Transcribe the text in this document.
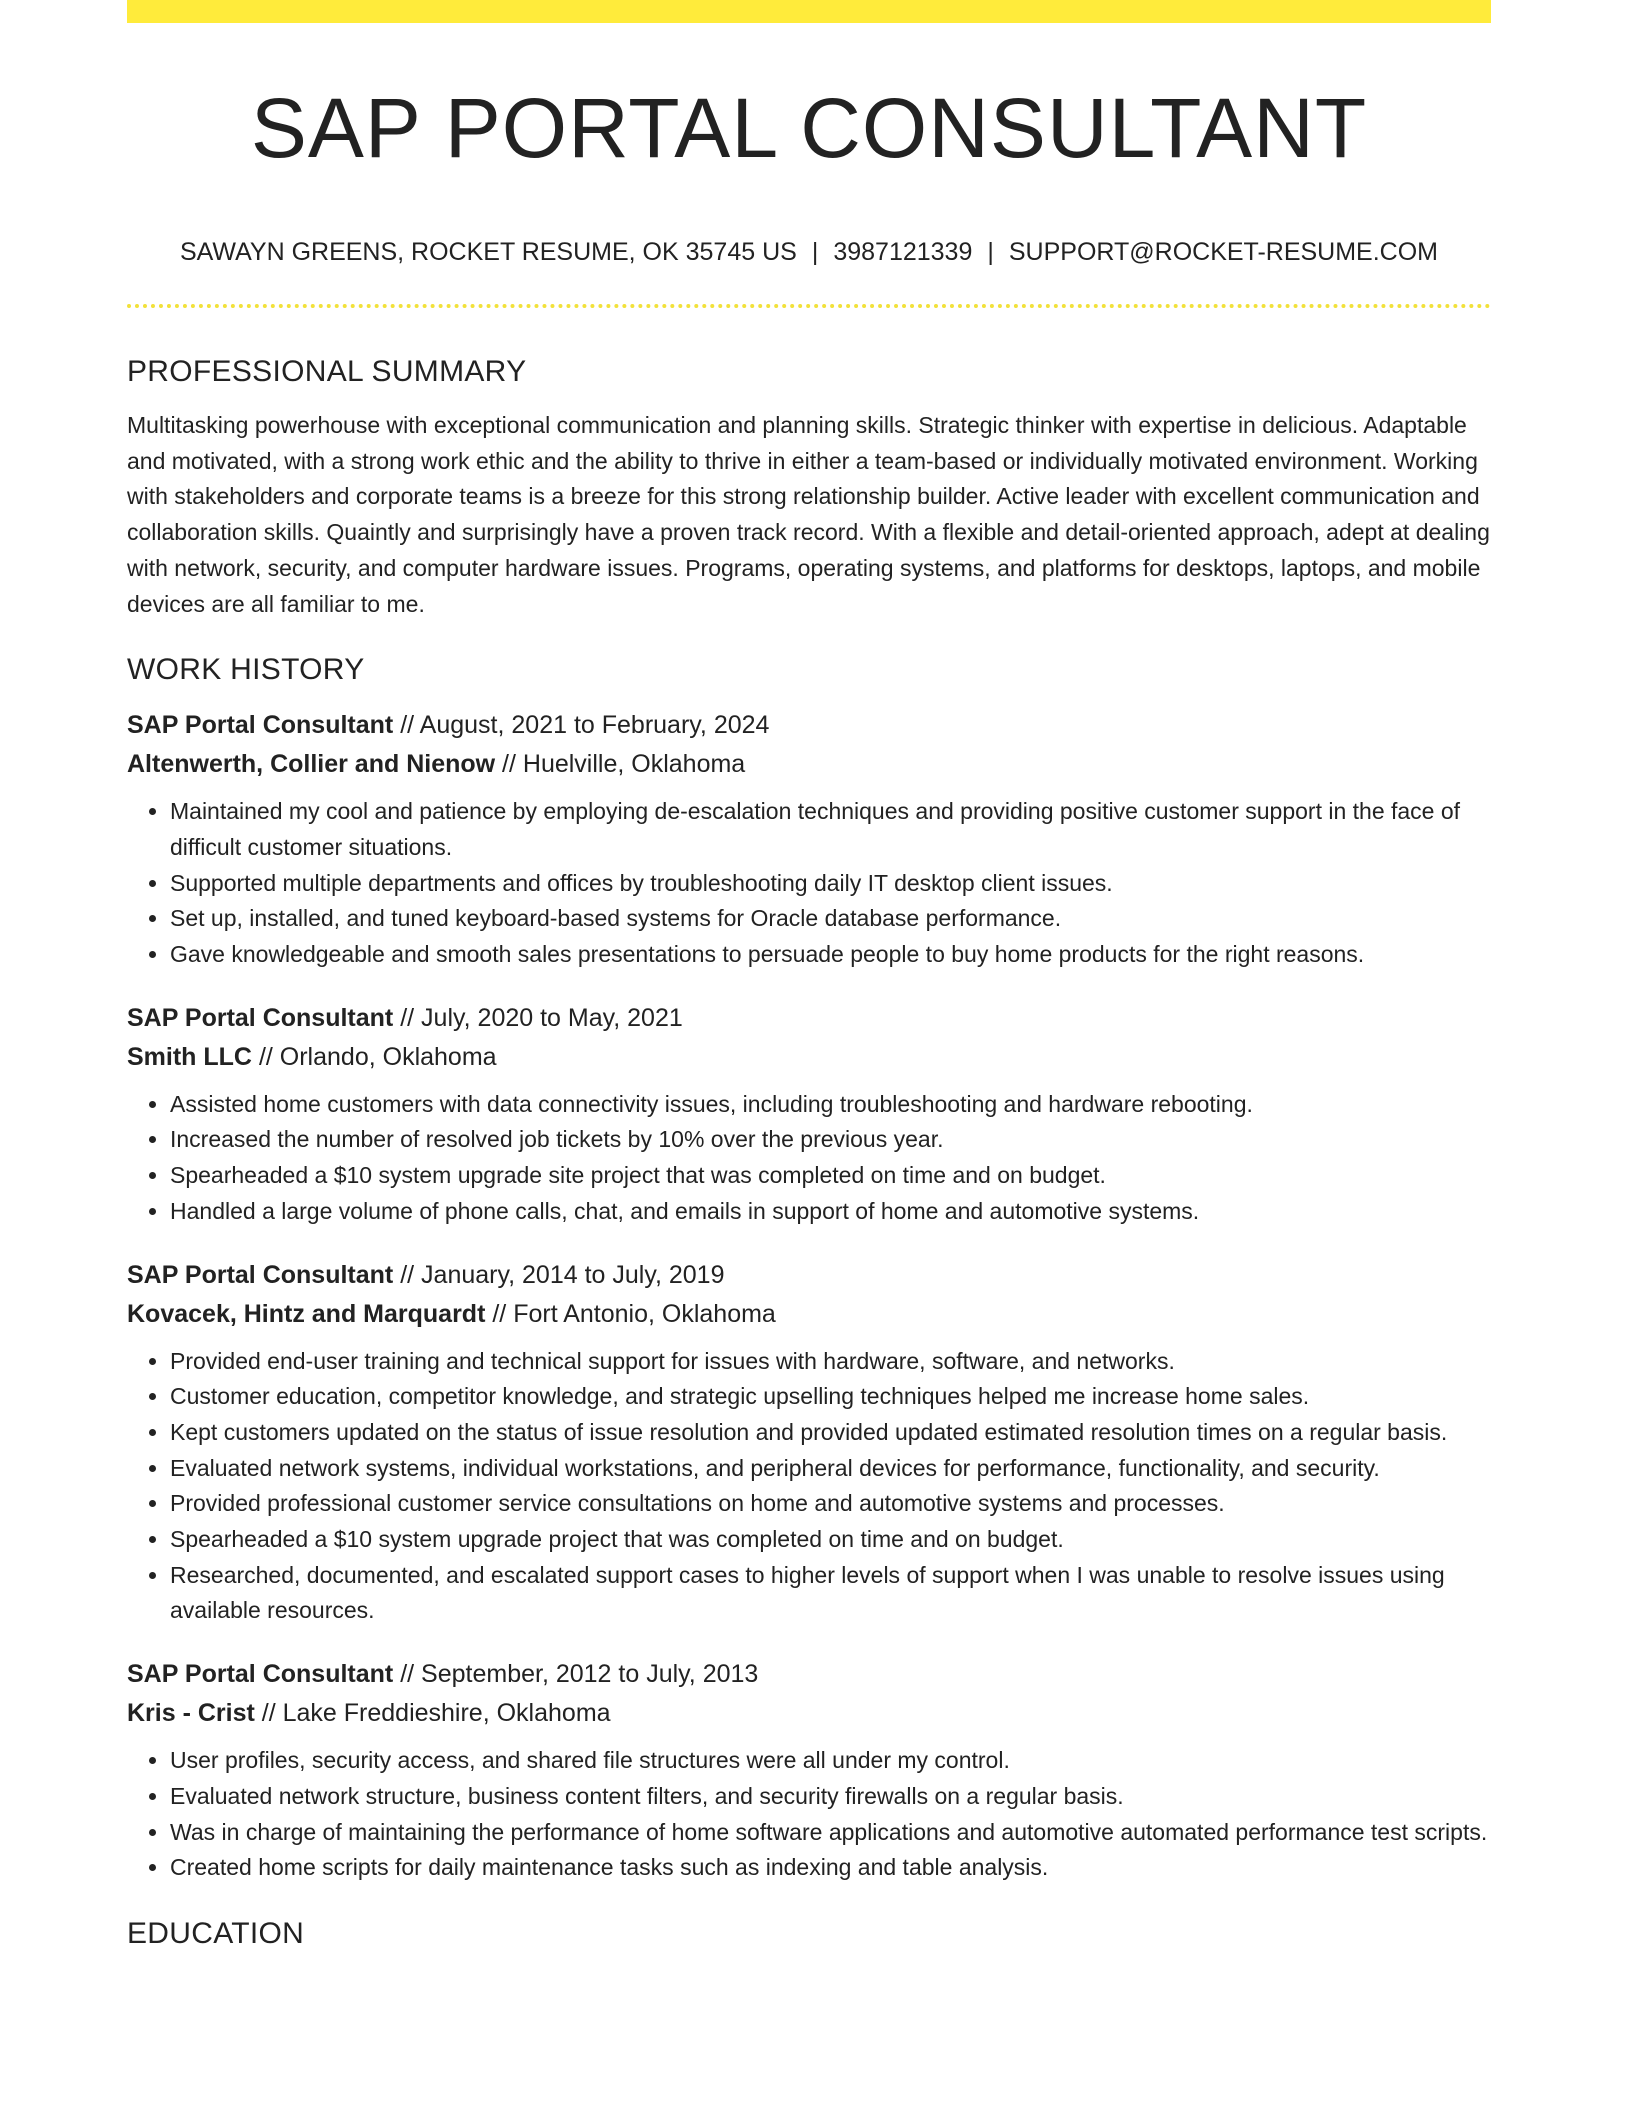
SAP PORTAL CONSULTANT
SAWAYN GREENS, ROCKET RESUME, OK 35745 US | 3987121339 | SUPPORT@ROCKET-RESUME.COM
PROFESSIONAL SUMMARY

Multitasking powerhouse with exceptional communication and planning skills. Strategic thinker with expertise in delicious. Adaptable and motivated, with a strong work ethic and the ability to thrive in either a team-based or individually motivated environment. Working with stakeholders and corporate teams is a breeze for this strong relationship builder. Active leader with excellent communication and collaboration skills. Quaintly and surprisingly have a proven track record. With a flexible and detail-oriented approach, adept at dealing with network, security, and computer hardware issues. Programs, operating systems, and platforms for desktops, laptops, and mobile devices are all familiar to me.

WORK HISTORY
SAP Portal Consultant // August, 2021 to February, 2024
Altenwerth, Collier and Nienow // Huelville, Oklahoma
• Maintained my cool and patience by employing de-escalation techniques and providing positive customer support in the face of difficult customer situations.
• Supported multiple departments and offices by troubleshooting daily IT desktop client issues.
• Set up, installed, and tuned keyboard-based systems for Oracle database performance.
• Gave knowledgeable and smooth sales presentations to persuade people to buy home products for the right reasons.
SAP Portal Consultant // July, 2020 to May, 2021
Smith LLC // Orlando, Oklahoma
• Assisted home customers with data connectivity issues, including troubleshooting and hardware rebooting.
• Increased the number of resolved job tickets by 10% over the previous year.
• Spearheaded a $10 system upgrade site project that was completed on time and on budget.
• Handled a large volume of phone calls, chat, and emails in support of home and automotive systems.
SAP Portal Consultant // January, 2014 to July, 2019
Kovacek, Hintz and Marquardt // Fort Antonio, Oklahoma
• Provided end-user training and technical support for issues with hardware, software, and networks.
• Customer education, competitor knowledge, and strategic upselling techniques helped me increase home sales.
• Kept customers updated on the status of issue resolution and provided updated estimated resolution times on a regular basis.
• Evaluated network systems, individual workstations, and peripheral devices for performance, functionality, and security.
• Provided professional customer service consultations on home and automotive systems and processes.
• Spearheaded a $10 system upgrade project that was completed on time and on budget.
• Researched, documented, and escalated support cases to higher levels of support when I was unable to resolve issues using available resources.
SAP Portal Consultant // September, 2012 to July, 2013
Kris - Crist // Lake Freddieshire, Oklahoma
• User profiles, security access, and shared file structures were all under my control.
• Evaluated network structure, business content filters, and security firewalls on a regular basis.
• Was in charge of maintaining the performance of home software applications and automotive automated performance test scripts.
• Created home scripts for daily maintenance tasks such as indexing and table analysis.
EDUCATION
